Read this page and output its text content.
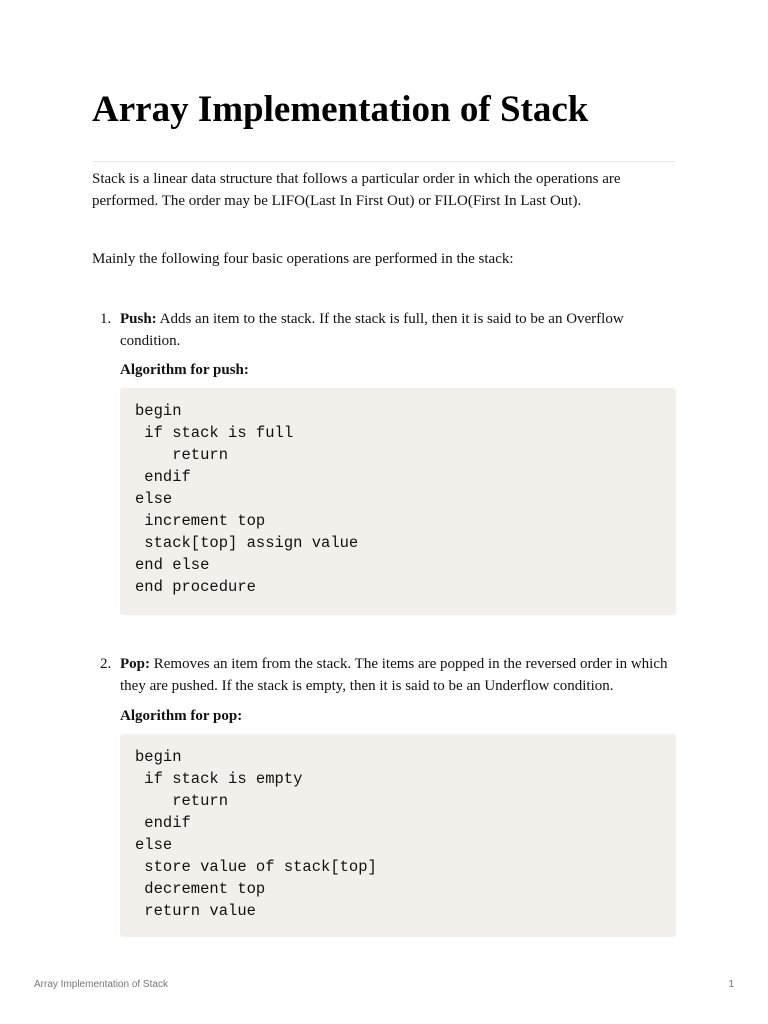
Array Implementation of Stack

Stack is a linear data structure that follows a particular order in which the operations are performed. The order may be LIFO(Last In First Out) or FILO(First In Last Out).

Mainly the following four basic operations are performed in the stack:

1. Push: Adds an item to the stack. If the stack is full, then it is said to be an Overflow condition.

Algorithm for push:
begin
if stack is full
return
endif
else
increment top
stack[top] assign value
end else
end procedure
2. Pop: Removes an item from the stack. The items are popped in the reversed order in which they are pushed. If the stack is empty, then it is said to be an Underflow condition.

Algorithm for pop:
begin
if stack is empty
return
endif
else
store value of stack[top]
decrement top
return value
Array Implementation of Stack	1
